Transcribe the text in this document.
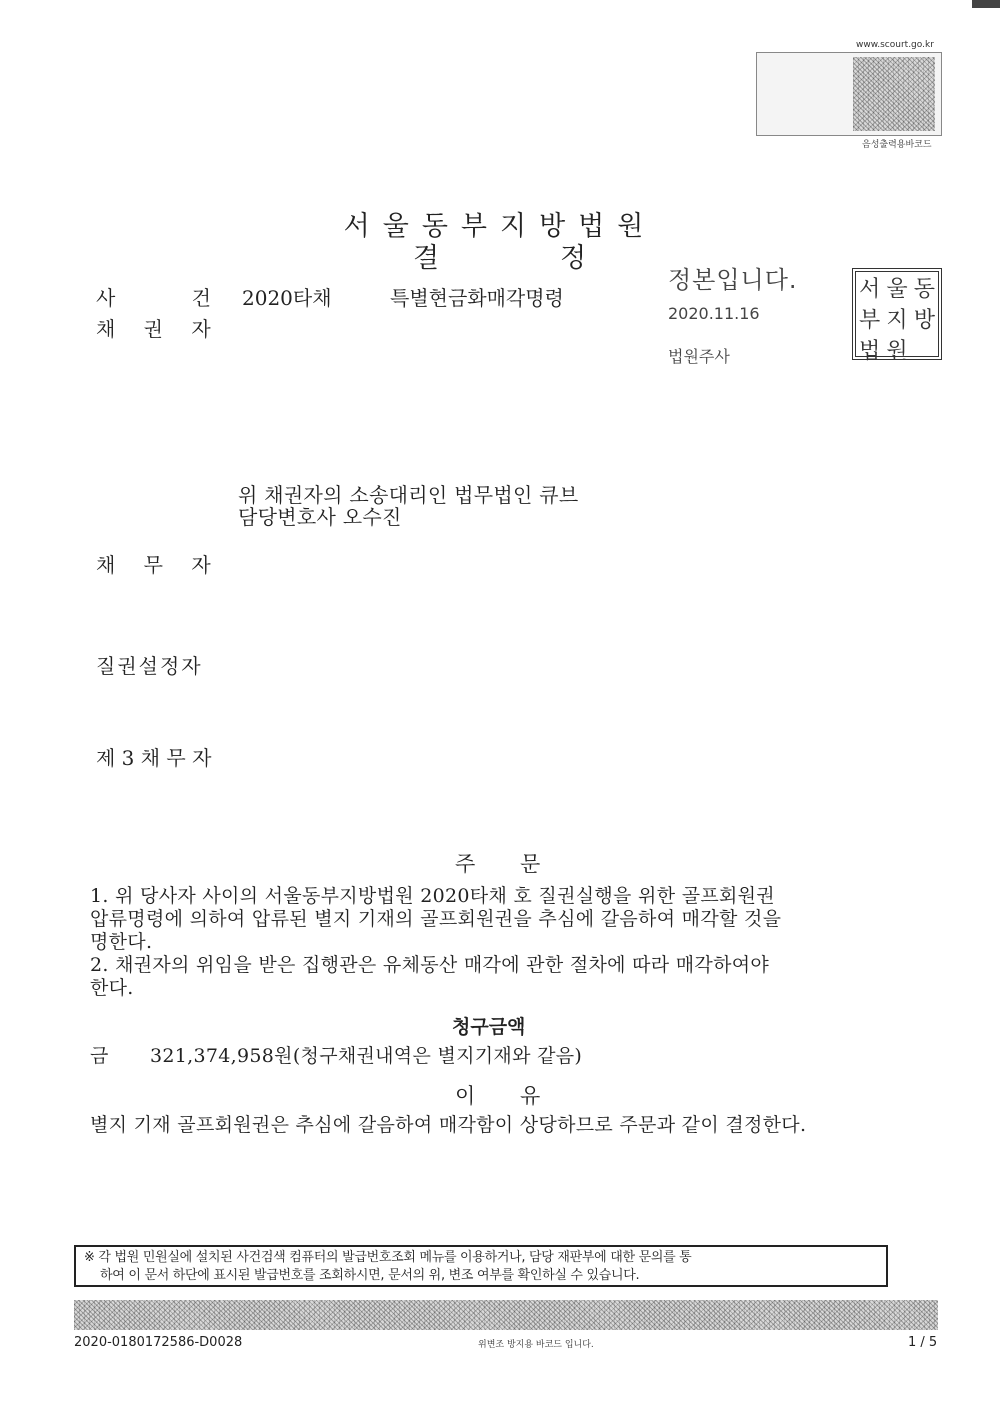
www.scourt.go.kr
음성출력용바코드
서울동부지방법원
결	정
정본입니다.
2020.11.16
법원주사
서 울 동
부 지 방
법 원
사 건 2020타채	특별현금화매각명령
채 권 자
위 채권자의 소송대리인 법무법인 큐브
담당변호사 오수진
채 무 자
질권설정자
제 3 채 무 자
주 문
1. 위 당사자 사이의 서울동부지방법원 2020타채 호 질권실행을 위한 골프회원권
압류명령에 의하여 압류된 별지 기재의 골프회원권을 추심에 갈음하여 매각할 것을
명한다.
2. 채권자의 위임을 받은 집행관은 유체동산 매각에 관한 절차에 따라 매각하여야
한다.
청구금액
금 321,374,958원(청구채권내역은 별지기재와 같음)
이 유
별지 기재 골프회원권은 추심에 갈음하여 매각함이 상당하므로 주문과 같이 결정한다.
※ 각 법원 민원실에 설치된 사건검색 컴퓨터의 발급번호조회 메뉴를 이용하거나, 담당 재판부에 대한 문의를 통
하여 이 문서 하단에 표시된 발급번호를 조회하시면, 문서의 위, 변조 여부를 확인하실 수 있습니다.
2020-0180172586-D0028	위변조 방지용 바코드 입니다.	1 / 5
